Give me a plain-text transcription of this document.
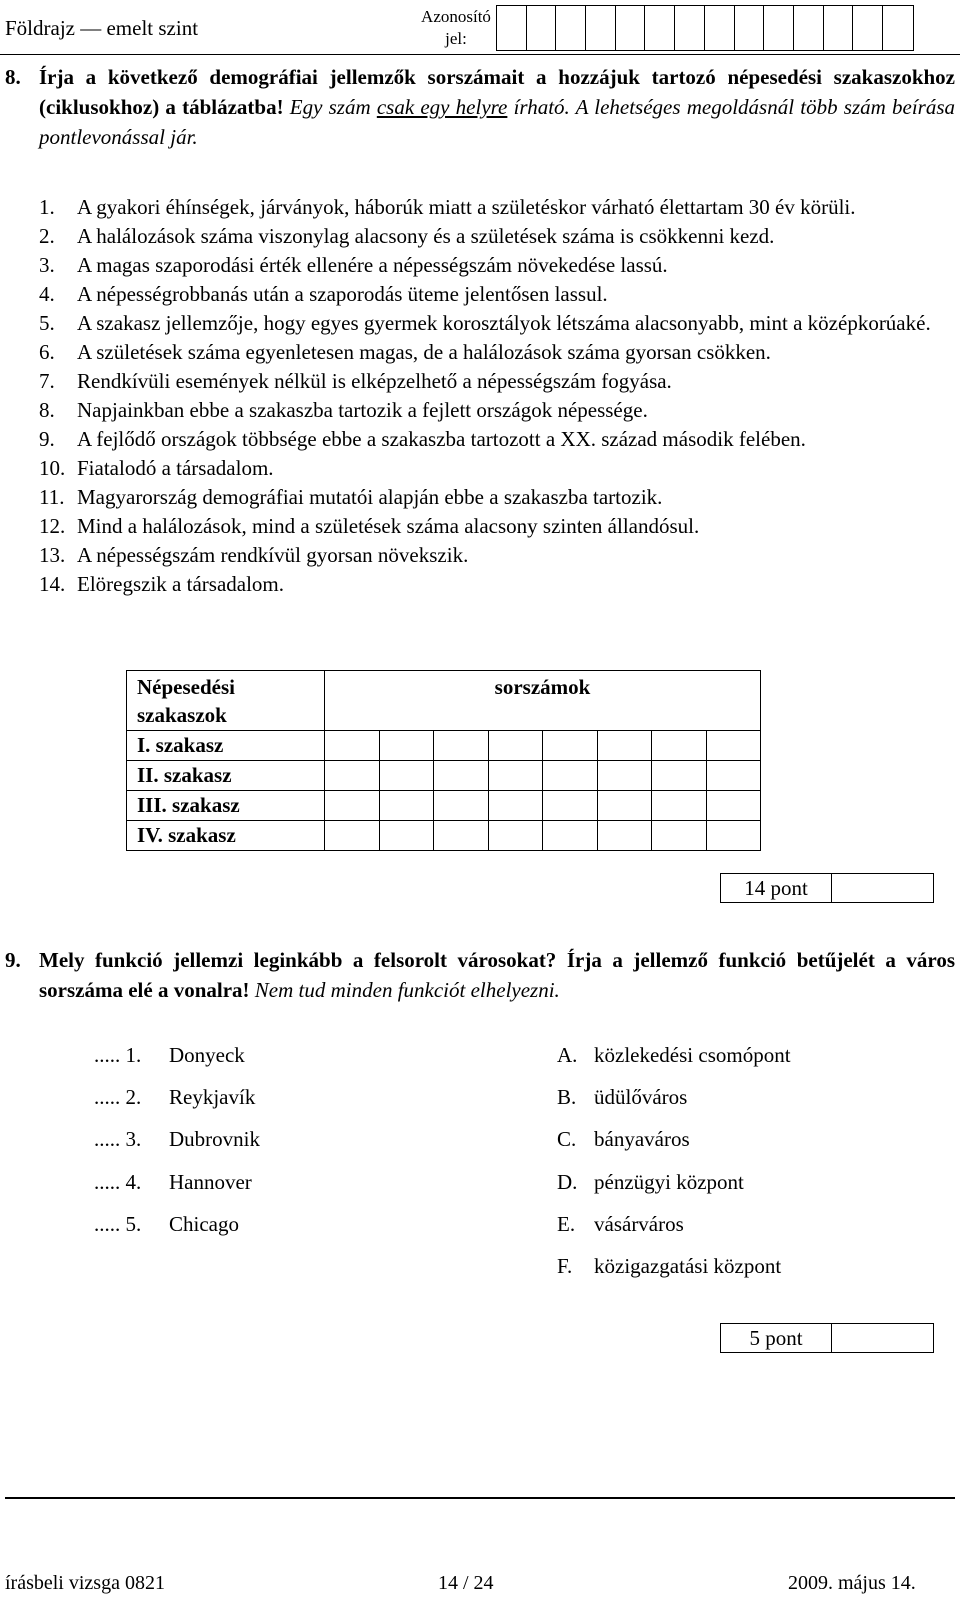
Földrajz — emelt szint	Azonosító
jel:
8. Írja a következő demográfiai jellemzők sorszámait a hozzájuk tartozó népesedési szakaszokhoz (ciklusokhoz) a táblázatba! Egy szám csak egy helyre írható. A lehetséges megoldásnál több szám beírása pontlevonással jár.
1.	A gyakori éhínségek, járványok, háborúk miatt a születéskor várható élettartam 30 év körüli.
2.	A halálozások száma viszonylag alacsony és a születések száma is csökkenni kezd.
3.	A magas szaporodási érték ellenére a népességszám növekedése lassú.
4.	A népességrobbanás után a szaporodás üteme jelentősen lassul.
5.	A szakasz jellemzője, hogy egyes gyermek korosztályok létszáma alacsonyabb, mint a középkorúaké.
6.	A születések száma egyenletesen magas, de a halálozások száma gyorsan csökken.
7.	Rendkívüli események nélkül is elképzelhető a népességszám fogyása.
8.	Napjainkban ebbe a szakaszba tartozik a fejlett országok népessége.
9.	A fejlődő országok többsége ebbe a szakaszba tartozott a XX. század második felében.
10. Fiatalodó a társadalom.
11. Magyarország demográfiai mutatói alapján ebbe a szakaszba tartozik.
12. Mind a halálozások, mind a születések száma alacsony szinten állandósul.
13. A népességszám rendkívül gyorsan növekszik.
14. Elöregszik a társadalom.
Népesedési
szakaszok	sorszámok							
I. szakasz								
II. szakasz								
III. szakasz								
IV. szakasz								
14 pont
9. Mely funkció jellemzi leginkább a felsorolt városokat? Írja a jellemző funkció betűjelét a város sorszáma elé a vonalra! Nem tud minden funkciót elhelyezni.
..... 1. Donyeck
..... 2. Reykjavík
..... 3. Dubrovnik
..... 4. Hannover
..... 5. Chicago
A. közlekedési csomópont
B. üdülőváros
C. bányaváros
D. pénzügyi központ
E. vásárváros
F. közigazgatási központ
5 pont
írásbeli vizsga 0821	14 / 24	2009. május 14.
